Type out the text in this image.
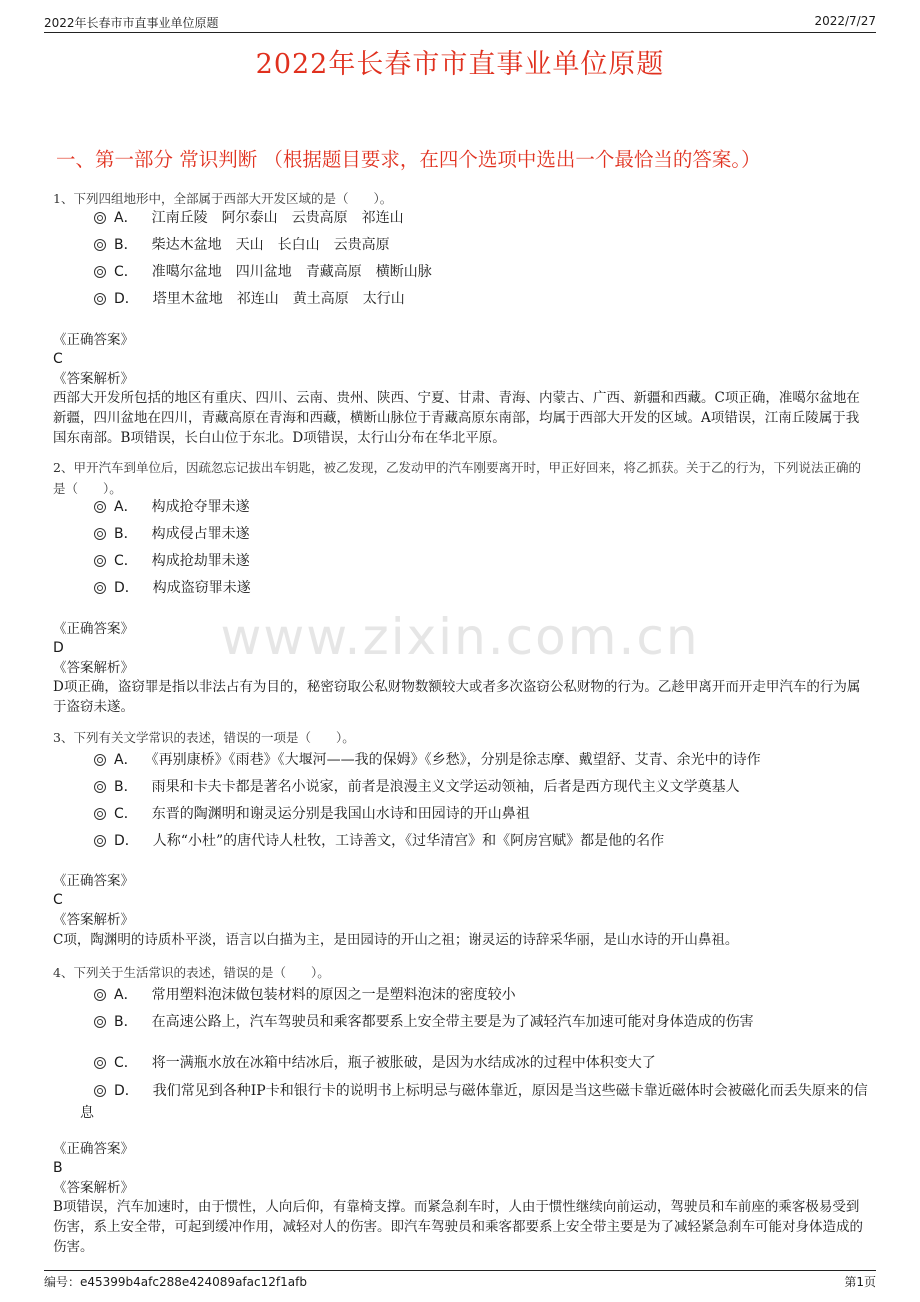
2022年长春市市直事业单位原题	2022/7/27
2022年长春市市直事业单位原题
一、第一部分 常识判断 （根据题目要求，在四个选项中选出一个最恰当的答案。）
www.zixin.com.cn
1、下列四组地形中，全部属于西部大开发区域的是（　　）。
A． 江南丘陵　阿尔泰山　云贵高原　祁连山
B． 柴达木盆地　天山　长白山　云贵高原
C． 准噶尔盆地　四川盆地　青藏高原　横断山脉
D． 塔里木盆地　祁连山　黄土高原　太行山
《正确答案》
C
《答案解析》
西部大开发所包括的地区有重庆、四川、云南、贵州、陕西、宁夏、甘肃、青海、内蒙古、广西、新疆和西藏。C项正确，准噶尔盆地在新疆，四川盆地在四川，青藏高原在青海和西藏，横断山脉位于青藏高原东南部，均属于西部大开发的区域。A项错误，江南丘陵属于我国东南部。B项错误，长白山位于东北。D项错误，太行山分布在华北平原。
2、甲开汽车到单位后，因疏忽忘记拔出车钥匙，被乙发现，乙发动甲的汽车刚要离开时，甲正好回来，将乙抓获。关于乙的行为，下列说法正确的是（　　）。
A． 构成抢夺罪未遂
B． 构成侵占罪未遂
C． 构成抢劫罪未遂
D． 构成盗窃罪未遂
《正确答案》
D
《答案解析》
D项正确，盗窃罪是指以非法占有为目的，秘密窃取公私财物数额较大或者多次盗窃公私财物的行为。乙趁甲离开而开走甲汽车的行为属于盗窃未遂。
3、下列有关文学常识的表述，错误的一项是（　　）。
A． 《再别康桥》《雨巷》《大堰河——我的保姆》《乡愁》，分别是徐志摩、戴望舒、艾青、余光中的诗作
B． 雨果和卡夫卡都是著名小说家，前者是浪漫主义文学运动领袖，后者是西方现代主义文学奠基人
C． 东晋的陶渊明和谢灵运分别是我国山水诗和田园诗的开山鼻祖
D． 人称“小杜”的唐代诗人杜牧，工诗善文，《过华清宫》和《阿房宫赋》都是他的名作
《正确答案》
C
《答案解析》
C项，陶渊明的诗质朴平淡，语言以白描为主，是田园诗的开山之祖；谢灵运的诗辞采华丽，是山水诗的开山鼻祖。
4、下列关于生活常识的表述，错误的是（　　）。
A． 常用塑料泡沫做包装材料的原因之一是塑料泡沫的密度较小
B． 在高速公路上，汽车驾驶员和乘客都要系上安全带主要是为了减轻汽车加速可能对身体造成的伤害
C． 将一满瓶水放在冰箱中结冰后，瓶子被胀破，是因为水结成冰的过程中体积变大了
D． 我们常见到各种IP卡和银行卡的说明书上标明忌与磁体靠近，原因是当这些磁卡靠近磁体时会被磁化而丢失原来的信息
《正确答案》
B
《答案解析》
B项错误，汽车加速时，由于惯性，人向后仰，有靠椅支撑。而紧急刹车时，人由于惯性继续向前运动，驾驶员和车前座的乘客极易受到伤害，系上安全带，可起到缓冲作用，减轻对人的伤害。即汽车驾驶员和乘客都要系上安全带主要是为了减轻紧急刹车可能对身体造成的伤害。
编号：e45399b4afc288e424089afac12f1afb	第1页
